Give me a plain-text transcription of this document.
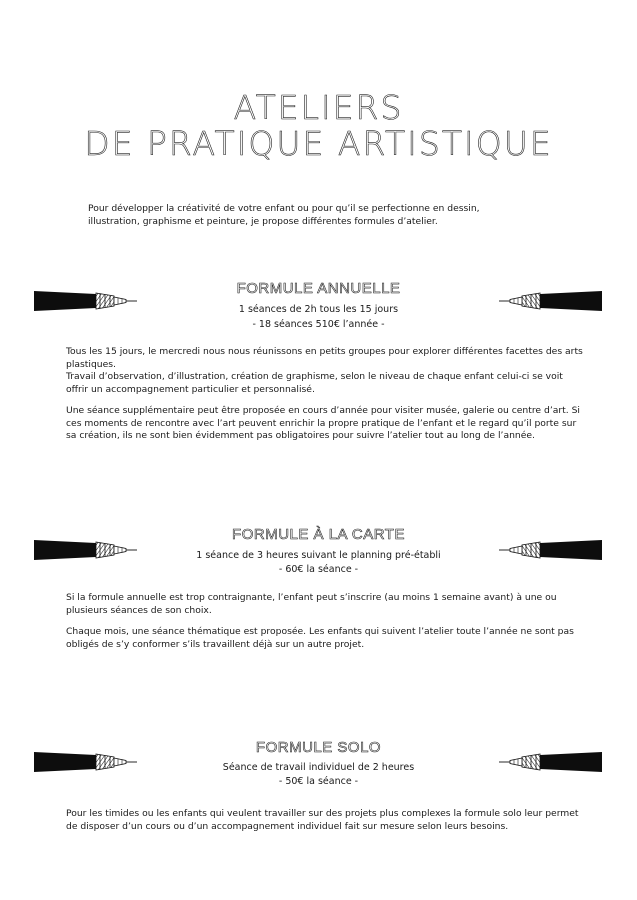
ATELIERS
DE PRATIQUE ARTISTIQUE
Pour développer la créativité de votre enfant ou pour qu’il se perfectionne en dessin, illustration, graphisme et peinture, je propose différentes formules d’atelier.
FORMULE ANNUELLE
1 séances de 2h tous les 15 jours
- 18 séances 510€ l’année -

Tous les 15 jours, le mercredi nous nous réunissons en petits groupes pour explorer différentes facettes des arts plastiques.

Travail d’observation, d’illustration, création de graphisme, selon le niveau de chaque enfant celui-ci se voit offrir un accompagnement particulier et personnalisé.

Une séance supplémentaire peut être proposée en cours d’année pour visiter musée, galerie ou centre d’art. Si ces moments de rencontre avec l’art peuvent enrichir la propre pratique de l’enfant et le regard qu’il porte sur sa création, ils ne sont bien évidemment pas obligatoires pour suivre l’atelier tout au long de l’année.

FORMULE À LA CARTE
1 séance de 3 heures suivant le planning pré-établi
- 60€ la séance -

Si la formule annuelle est trop contraignante, l’enfant peut s’inscrire (au moins 1 semaine avant) à une ou plusieurs séances de son choix.

Chaque mois, une séance thématique est proposée. Les enfants qui suivent l’atelier toute l’année ne sont pas obligés de s’y conformer s’ils travaillent déjà sur un autre projet.

FORMULE SOLO
Séance de travail individuel de 2 heures
- 50€ la séance -

Pour les timides ou les enfants qui veulent travailler sur des projets plus complexes la formule solo leur permet de disposer d’un cours ou d’un accompagnement individuel fait sur mesure selon leurs besoins.
